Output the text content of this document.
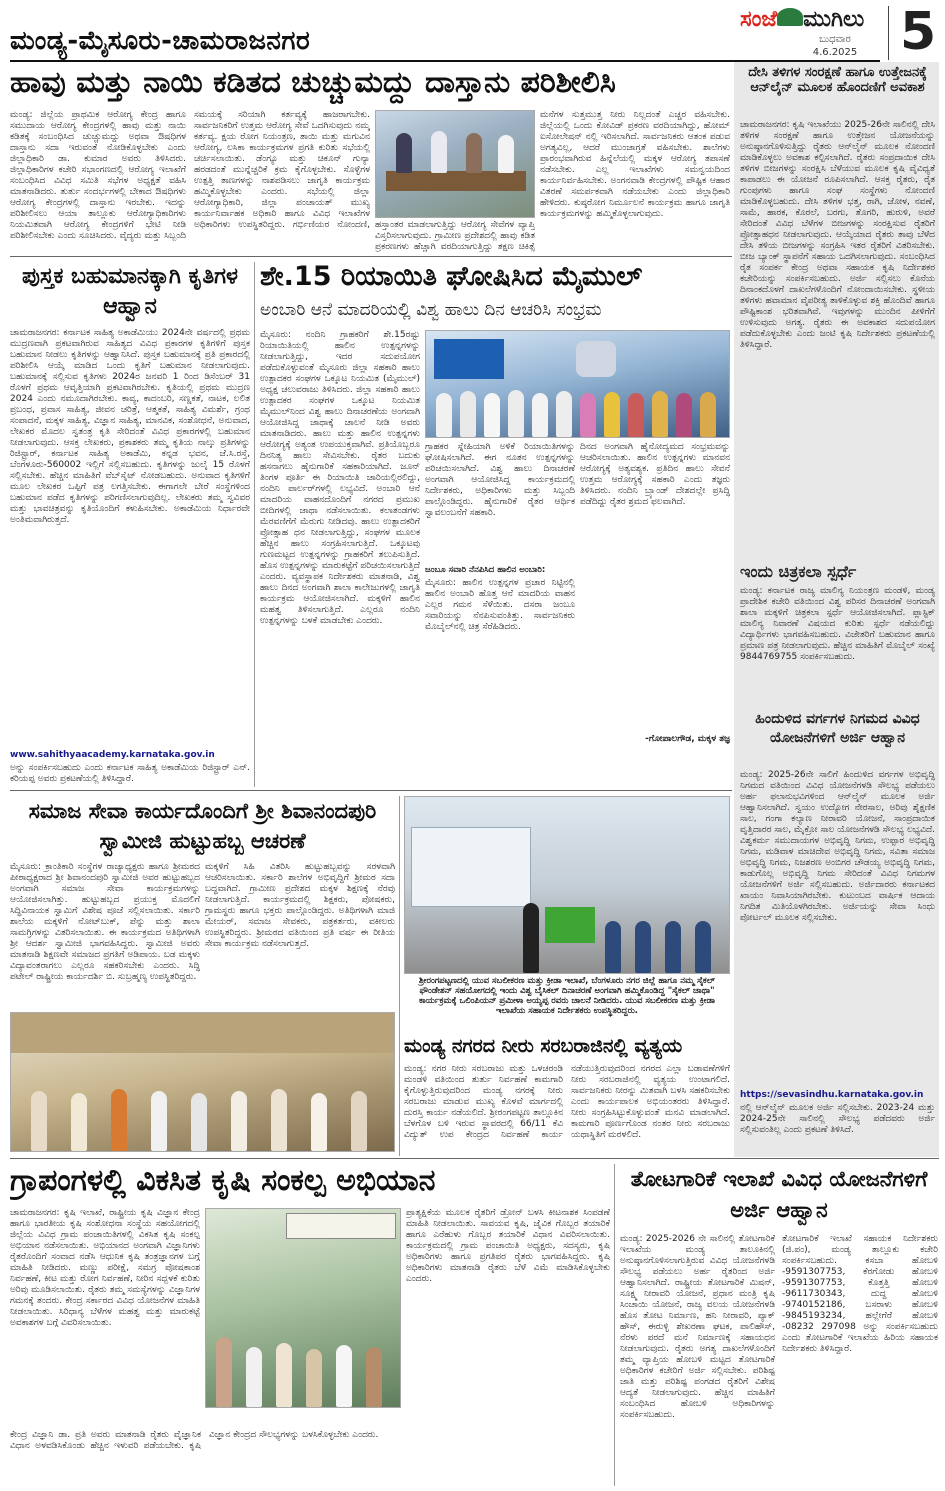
ಮಂಡ್ಯ-ಮೈಸೂರು-ಚಾಮರಾಜನಗರ
ಸಂಜೆ ಮುಗಿಲು
ಬುಧವಾರ
4.6.2025 5
ಹಾವು ಮತ್ತು ನಾಯಿ ಕಡಿತದ ಚುಚ್ಚುಮದ್ದು ದಾಸ್ತಾನು ಪರಿಶೀಲಿಸಿ
ಮಂಡ್ಯ: ಜಿಲ್ಲೆಯ ಪ್ರಾಥಮಿಕ ಆರೋಗ್ಯ ಕೇಂದ್ರ ಹಾಗೂ ಸಮುದಾಯ ಆರೋಗ್ಯ ಕೇಂದ್ರಗಳಲ್ಲಿ ಹಾವು ಮತ್ತು ನಾಯಿ ಕಡಿತಕ್ಕೆ ಸಂಬಂಧಿಸಿದ ಚುಚ್ಚುಮದ್ದು ಅಥವಾ ಔಷಧಿಗಳ ದಾಸ್ತಾನು ಸದಾ ಇರುವಂತೆ ನೋಡಿಕೊಳ್ಳಬೇಕು ಎಂದು ಜಿಲ್ಲಾಧಿಕಾರಿ ಡಾ. ಕುಮಾರ ಅವರು ತಿಳಿಸಿದರು. ಜಿಲ್ಲಾಧಿಕಾರಿಗಳ ಕಚೇರಿ ಸಭಾಂಗಣದಲ್ಲಿ ಆರೋಗ್ಯ ಇಲಾಖೆಗೆ ಸಂಬಂಧಿಸಿದ ವಿವಿಧ ಸಮಿತಿ ಸಭೆಗಳ ಅಧ್ಯಕ್ಷತೆ ವಹಿಸಿ ಮಾತನಾಡಿದರು. ತುರ್ತು ಸಂದರ್ಭಗಳಲ್ಲಿ ಬೇಕಾದ ಔಷಧಿಗಳು ಆರೋಗ್ಯ ಕೇಂದ್ರಗಳಲ್ಲಿ ದಾಸ್ತಾನು ಇರಬೇಕು. ಇದನ್ನು ಪರಿಶೀಲಿಸಲು ಆಯಾ ತಾಲ್ಲೂಕು ಆರೋಗ್ಯಾಧಿಕಾರಿಗಳು ನಿಯಮಿತವಾಗಿ ಆರೋಗ್ಯ ಕೇಂದ್ರಗಳಿಗೆ ಭೇಟಿ ನೀಡಿ ಪರಿಶೀಲಿಸಬೇಕು ಎಂದು ಸೂಚಿಸಿದರು. ವೈದ್ಯರು ಮತ್ತು ಸಿಬ್ಬಂದಿ ಸಮಯಕ್ಕೆ ಸರಿಯಾಗಿ ಕರ್ತವ್ಯಕ್ಕೆ ಹಾಜರಾಗಬೇಕು. ಸಾರ್ವಜನಿಕರಿಗೆ ಉತ್ತಮ ಆರೋಗ್ಯ ಸೇವೆ ಒದಗಿಸುವುದು ನಮ್ಮ ಕರ್ತವ್ಯ. ಕ್ಷಯ ರೋಗ ನಿಯಂತ್ರಣ, ತಾಯಿ ಮತ್ತು ಮಗುವಿನ ಆರೋಗ್ಯ, ಲಸಿಕಾ ಕಾರ್ಯಕ್ರಮಗಳ ಪ್ರಗತಿ ಕುರಿತು ಸಭೆಯಲ್ಲಿ ಚರ್ಚಿಸಲಾಯಿತು. ಡೆಂಗ್ಯೂ ಮತ್ತು ಚಿಕೂನ್ ಗುನ್ಯಾ ಹರಡದಂತೆ ಮುನ್ನೆಚ್ಚರಿಕೆ ಕ್ರಮ ಕೈಗೊಳ್ಳಬೇಕು. ಸೊಳ್ಳೆಗಳ ಉತ್ಪತ್ತಿ ತಾಣಗಳನ್ನು ನಾಶಪಡಿಸಲು ಜಾಗೃತಿ ಕಾರ್ಯಕ್ರಮ ಹಮ್ಮಿಕೊಳ್ಳಬೇಕು ಎಂದರು. ಸಭೆಯಲ್ಲಿ ಜಿಲ್ಲಾ ಆರೋಗ್ಯಾಧಿಕಾರಿ, ಜಿಲ್ಲಾ ಪಂಚಾಯತ್ ಮುಖ್ಯ ಕಾರ್ಯನಿರ್ವಾಹಕ ಅಧಿಕಾರಿ ಹಾಗೂ ವಿವಿಧ ಇಲಾಖೆಗಳ ಅಧಿಕಾರಿಗಳು ಉಪಸ್ಥಿತರಿದ್ದರು. ಗರ್ಭಿಣಿಯರ ನೋಂದಣಿ, ಹಸ್ತಾಂತರ ಮಾಡಲಾಗುತ್ತಿದ್ದು ಆರೋಗ್ಯ ಸೇವೆಗಳ ವ್ಯಾಪ್ತಿ ವಿಸ್ತರಿಸಲಾಗುವುದು. ಗ್ರಾಮೀಣ ಪ್ರದೇಶದಲ್ಲಿ ಹಾವು ಕಡಿತ ಪ್ರಕರಣಗಳು ಹೆಚ್ಚಾಗಿ ವರದಿಯಾಗುತ್ತಿದ್ದು ತಕ್ಷಣ ಚಿಕಿತ್ಸೆ
ಮನೆಗಳ ಸುತ್ತಮುತ್ತ ನೀರು ನಿಲ್ಲದಂತೆ ಎಚ್ಚರ ವಹಿಸಬೇಕು. ಜಿಲ್ಲೆಯಲ್ಲಿ ಒಂದು ಕೋವಿಡ್ ಪ್ರಕರಣ ವರದಿಯಾಗಿದ್ದು, ಹೋಮ್ ಐಸೋಲೇಷನ್ ನಲ್ಲಿ ಇರಿಸಲಾಗಿದೆ. ಸಾರ್ವಜನಿಕರು ಆತಂಕ ಪಡುವ ಅಗತ್ಯವಿಲ್ಲ, ಆದರೆ ಮುಂಜಾಗ್ರತೆ ವಹಿಸಬೇಕು. ಶಾಲೆಗಳು ಪ್ರಾರಂಭವಾಗಿರುವ ಹಿನ್ನೆಲೆಯಲ್ಲಿ ಮಕ್ಕಳ ಆರೋಗ್ಯ ತಪಾಸಣೆ ನಡೆಸಬೇಕು. ಎಲ್ಲ ಇಲಾಖೆಗಳು ಸಮನ್ವಯದಿಂದ ಕಾರ್ಯನಿರ್ವಹಿಸಬೇಕು. ಅಂಗನವಾಡಿ ಕೇಂದ್ರಗಳಲ್ಲಿ ಪೌಷ್ಟಿಕ ಆಹಾರ ವಿತರಣೆ ಸಮರ್ಪಕವಾಗಿ ನಡೆಯಬೇಕು ಎಂದು ಜಿಲ್ಲಾಧಿಕಾರಿ ಹೇಳಿದರು. ಕುಷ್ಠರೋಗ ನಿರ್ಮೂಲನೆ ಕಾರ್ಯಕ್ರಮ ಹಾಗೂ ಜಾಗೃತಿ ಕಾರ್ಯಕ್ರಮಗಳನ್ನು ಹಮ್ಮಿಕೊಳ್ಳಲಾಗುವುದು.
ದೇಸಿ ತಳಿಗಳ ಸಂರಕ್ಷಣೆ ಹಾಗೂ ಉತ್ತೇಜನಕ್ಕೆ ಆನ್‌ಲೈನ್ ಮೂಲಕ ಹೊಂದಣಿಗೆ ಅವಕಾಶ
ಚಾಮರಾಜನಗರ: ಕೃಷಿ ಇಲಾಖೆಯು 2025-26ನೇ ಸಾಲಿನಲ್ಲಿ ದೇಸಿ ತಳಿಗಳ ಸಂರಕ್ಷಣೆ ಹಾಗೂ ಉತ್ತೇಜನ ಯೋಜನೆಯನ್ನು ಅನುಷ್ಠಾನಗೊಳಿಸುತ್ತಿದ್ದು ರೈತರು ಆನ್‌ಲೈನ್ ಮೂಲಕ ನೋಂದಣಿ ಮಾಡಿಕೊಳ್ಳಲು ಅವಕಾಶ ಕಲ್ಪಿಸಲಾಗಿದೆ. ರೈತರು ಸಂಪ್ರದಾಯಿಕ ದೇಸಿ ತಳಿಗಳ ಬೀಜಗಳನ್ನು ಸಂರಕ್ಷಿಸಿ ಬೆಳೆಯುವ ಮೂಲಕ ಕೃಷಿ ವೈವಿಧ್ಯತೆ ಕಾಪಾಡಲು ಈ ಯೋಜನೆ ರೂಪಿಸಲಾಗಿದೆ. ಆಸಕ್ತ ರೈತರು, ರೈತ ಗುಂಪುಗಳು ಹಾಗೂ ಸಂಘ ಸಂಸ್ಥೆಗಳು ನೋಂದಣಿ ಮಾಡಿಕೊಳ್ಳಬಹುದು. ದೇಸಿ ತಳಿಗಳ ಭತ್ತ, ರಾಗಿ, ಜೋಳ, ನವಣೆ, ಸಾಮೆ, ಹಾರಕ, ಕೊರಲೆ, ಬರಗು, ತೊಗರಿ, ಹುರುಳಿ, ಅವರೆ ಸೇರಿದಂತೆ ವಿವಿಧ ಬೆಳೆಗಳ ಬೀಜಗಳನ್ನು ಸಂರಕ್ಷಿಸುವ ರೈತರಿಗೆ ಪ್ರೋತ್ಸಾಹಧನ ನೀಡಲಾಗುವುದು. ಆಯ್ಕೆಯಾದ ರೈತರು ತಾವು ಬೆಳೆದ ದೇಸಿ ತಳಿಯ ಬೀಜಗಳನ್ನು ಸಂಗ್ರಹಿಸಿ ಇತರ ರೈತರಿಗೆ ವಿತರಿಸಬೇಕು. ಬೀಜ ಬ್ಯಾಂಕ್ ಸ್ಥಾಪನೆಗೆ ಸಹಾಯ ಒದಗಿಸಲಾಗುವುದು. ಸಂಬಂಧಿಸಿದ ರೈತ ಸಂಪರ್ಕ ಕೇಂದ್ರ ಅಥವಾ ಸಹಾಯಕ ಕೃಷಿ ನಿರ್ದೇಶಕರ ಕಚೇರಿಯನ್ನು ಸಂಪರ್ಕಿಸಬಹುದು. ಅರ್ಜಿ ಸಲ್ಲಿಸಲು ಕೊನೆಯ ದಿನಾಂಕದೊಳಗೆ ದಾಖಲೆಗಳೊಂದಿಗೆ ನೋಂದಾಯಿಸಬೇಕು. ಸ್ಥಳೀಯ ತಳಿಗಳು ಹವಾಮಾನ ವೈಪರೀತ್ಯ ತಾಳಿಕೊಳ್ಳುವ ಶಕ್ತಿ ಹೊಂದಿವೆ ಹಾಗೂ ಪೌಷ್ಟಿಕಾಂಶ ಭರಿತವಾಗಿವೆ. ಇವುಗಳನ್ನು ಮುಂದಿನ ಪೀಳಿಗೆಗೆ ಉಳಿಸುವುದು ಅಗತ್ಯ. ರೈತರು ಈ ಅವಕಾಶದ ಸದುಪಯೋಗ ಪಡೆದುಕೊಳ್ಳಬೇಕು ಎಂದು ಜಂಟಿ ಕೃಷಿ ನಿರ್ದೇಶಕರು ಪ್ರಕಟಣೆಯಲ್ಲಿ ತಿಳಿಸಿದ್ದಾರೆ.
ಇಂದು ಚಿತ್ರಕಲಾ ಸ್ಪರ್ಧೆ
ಮಂಡ್ಯ: ಕರ್ನಾಟಕ ರಾಜ್ಯ ಮಾಲಿನ್ಯ ನಿಯಂತ್ರಣ ಮಂಡಳಿ, ಮಂಡ್ಯ ಪ್ರಾದೇಶಿಕ ಕಚೇರಿ ವತಿಯಿಂದ ವಿಶ್ವ ಪರಿಸರ ದಿನಾಚರಣೆ ಅಂಗವಾಗಿ ಶಾಲಾ ಮಕ್ಕಳಿಗೆ ಚಿತ್ರಕಲಾ ಸ್ಪರ್ಧೆ ಆಯೋಜಿಸಲಾಗಿದೆ. ಪ್ಲಾಸ್ಟಿಕ್ ಮಾಲಿನ್ಯ ನಿವಾರಣೆ ವಿಷಯದ ಕುರಿತು ಸ್ಪರ್ಧೆ ನಡೆಯಲಿದ್ದು ವಿದ್ಯಾರ್ಥಿಗಳು ಭಾಗವಹಿಸಬಹುದು. ವಿಜೇತರಿಗೆ ಬಹುಮಾನ ಹಾಗೂ ಪ್ರಮಾಣ ಪತ್ರ ನೀಡಲಾಗುವುದು. ಹೆಚ್ಚಿನ ಮಾಹಿತಿಗೆ ಮೊಬೈಲ್ ಸಂಖ್ಯೆ 9844769755 ಸಂಪರ್ಕಿಸಬಹುದು.
ಹಿಂದುಳಿದ ವರ್ಗಗಳ ನಿಗಮದ ವಿವಿಧ ಯೋಜನೆಗಳಿಗೆ ಅರ್ಜಿ ಆಹ್ವಾನ
ಮಂಡ್ಯ: 2025-26ನೇ ಸಾಲಿಗೆ ಹಿಂದುಳಿದ ವರ್ಗಗಳ ಅಭಿವೃದ್ಧಿ ನಿಗಮದ ವತಿಯಿಂದ ವಿವಿಧ ಯೋಜನೆಗಳಡಿ ಸೌಲಭ್ಯ ಪಡೆಯಲು ಅರ್ಹ ಫಲಾನುಭವಿಗಳಿಂದ ಆನ್‌ಲೈನ್ ಮೂಲಕ ಅರ್ಜಿ ಆಹ್ವಾನಿಸಲಾಗಿದೆ. ಸ್ವಯಂ ಉದ್ಯೋಗ ನೇರಸಾಲ, ಅರಿವು ಶೈಕ್ಷಣಿಕ ಸಾಲ, ಗಂಗಾ ಕಲ್ಯಾಣ ನೀರಾವರಿ ಯೋಜನೆ, ಸಾಂಪ್ರದಾಯಿಕ ವೃತ್ತಿದಾರರ ಸಾಲ, ಮೈಕ್ರೋ ಸಾಲ ಯೋಜನೆಗಳಡಿ ಸೌಲಭ್ಯ ಲಭ್ಯವಿದೆ. ವಿಶ್ವಕರ್ಮ ಸಮುದಾಯಗಳ ಅಭಿವೃದ್ಧಿ ನಿಗಮ, ಉಪ್ಪಾರ ಅಭಿವೃದ್ಧಿ ನಿಗಮ, ಮಡಿವಾಳ ಮಾಚಿದೇವ ಅಭಿವೃದ್ಧಿ ನಿಗಮ, ಸವಿತಾ ಸಮಾಜ ಅಭಿವೃದ್ಧಿ ನಿಗಮ, ನಿಜಶರಣ ಅಂಬಿಗರ ಚೌಡಯ್ಯ ಅಭಿವೃದ್ಧಿ ನಿಗಮ, ಕಾಡುಗೊಲ್ಲ ಅಭಿವೃದ್ಧಿ ನಿಗಮ ಸೇರಿದಂತೆ ವಿವಿಧ ನಿಗಮಗಳ ಯೋಜನೆಗಳಿಗೆ ಅರ್ಜಿ ಸಲ್ಲಿಸಬಹುದು. ಅರ್ಜಿದಾರರು ಕರ್ನಾಟಕದ ಖಾಯಂ ನಿವಾಸಿಯಾಗಿರಬೇಕು. ಕುಟುಂಬದ ವಾರ್ಷಿಕ ಆದಾಯ ನಿಗದಿತ ಮಿತಿಯೊಳಗಿರಬೇಕು. ಅರ್ಜಿಯನ್ನು ಸೇವಾ ಸಿಂಧು ಪೋರ್ಟಲ್ ಮೂಲಕ ಸಲ್ಲಿಸಬೇಕು.
https://sevasindhu.karnataka.gov.in
ನಲ್ಲಿ ಆನ್‌ಲೈನ್ ಮೂಲಕ ಅರ್ಜಿ ಸಲ್ಲಿಸಬೇಕು. 2023-24 ಮತ್ತು 2024-25ನೇ ಸಾಲಿನಲ್ಲಿ ಸೌಲಭ್ಯ ಪಡೆದವರು ಅರ್ಜಿ ಸಲ್ಲಿಸುವಂತಿಲ್ಲ ಎಂದು ಪ್ರಕಟಣೆ ತಿಳಿಸಿದೆ.
ಪುಸ್ತಕ ಬಹುಮಾನಕ್ಕಾಗಿ ಕೃತಿಗಳ ಆಹ್ವಾನ
ಚಾಮರಾಜನಗರ: ಕರ್ನಾಟಕ ಸಾಹಿತ್ಯ ಅಕಾಡೆಮಿಯು 2024ನೇ ವರ್ಷದಲ್ಲಿ ಪ್ರಥಮ ಮುದ್ರಣವಾಗಿ ಪ್ರಕಟವಾಗಿರುವ ಸಾಹಿತ್ಯದ ವಿವಿಧ ಪ್ರಕಾರಗಳ ಕೃತಿಗಳಿಗೆ ಪುಸ್ತಕ ಬಹುಮಾನ ನೀಡಲು ಕೃತಿಗಳನ್ನು ಆಹ್ವಾನಿಸಿದೆ. ಪುಸ್ತಕ ಬಹುಮಾನಕ್ಕೆ ಪ್ರತಿ ಪ್ರಕಾರದಲ್ಲಿ ಪರಿಶೀಲಿಸಿ ಆಯ್ಕೆ ಮಾಡಿದ ಒಂದು ಕೃತಿಗೆ ಬಹುಮಾನ ನೀಡಲಾಗುವುದು. ಬಹುಮಾನಕ್ಕೆ ಸಲ್ಲಿಸುವ ಕೃತಿಗಳು 2024ರ ಜನವರಿ 1 ರಿಂದ ಡಿಸೆಂಬರ್ 31 ರೊಳಗೆ ಪ್ರಥಮ ಆವೃತ್ತಿಯಾಗಿ ಪ್ರಕಟವಾಗಿರಬೇಕು. ಕೃತಿಯಲ್ಲಿ ಪ್ರಥಮ ಮುದ್ರಣ 2024 ಎಂದು ನಮೂದಾಗಿರಬೇಕು. ಕಾವ್ಯ, ಕಾದಂಬರಿ, ಸಣ್ಣಕತೆ, ನಾಟಕ, ಲಲಿತ ಪ್ರಬಂಧ, ಪ್ರವಾಸ ಸಾಹಿತ್ಯ, ಜೀವನ ಚರಿತ್ರೆ, ಆತ್ಮಕತೆ, ಸಾಹಿತ್ಯ ವಿಮರ್ಶೆ, ಗ್ರಂಥ ಸಂಪಾದನೆ, ಮಕ್ಕಳ ಸಾಹಿತ್ಯ, ವಿಜ್ಞಾನ ಸಾಹಿತ್ಯ, ಮಾನವಿಕ, ಸಂಶೋಧನೆ, ಅನುವಾದ, ಲೇಖಕರ ಮೊದಲ ಸ್ವತಂತ್ರ ಕೃತಿ ಸೇರಿದಂತೆ ವಿವಿಧ ಪ್ರಕಾರಗಳಲ್ಲಿ ಬಹುಮಾನ ನೀಡಲಾಗುವುದು. ಆಸಕ್ತ ಲೇಖಕರು, ಪ್ರಕಾಶಕರು ತಮ್ಮ ಕೃತಿಯ ನಾಲ್ಕು ಪ್ರತಿಗಳನ್ನು ರಿಜಿಸ್ಟ್ರಾರ್, ಕರ್ನಾಟಕ ಸಾಹಿತ್ಯ ಅಕಾಡೆಮಿ, ಕನ್ನಡ ಭವನ, ಜೆ.ಸಿ.ರಸ್ತೆ, ಬೆಂಗಳೂರು-560002 ಇಲ್ಲಿಗೆ ಸಲ್ಲಿಸಬಹುದು. ಕೃತಿಗಳನ್ನು ಜುಲೈ 15 ರೊಳಗೆ ಸಲ್ಲಿಸಬೇಕು. ಹೆಚ್ಚಿನ ಮಾಹಿತಿಗೆ ವೆಬ್‌ಸೈಟ್ ನೋಡಬಹುದು. ಅನುವಾದ ಕೃತಿಗಳಿಗೆ ಮೂಲ ಲೇಖಕರ ಒಪ್ಪಿಗೆ ಪತ್ರ ಲಗತ್ತಿಸಬೇಕು. ಈಗಾಗಲೇ ಬೇರೆ ಸಂಸ್ಥೆಗಳಿಂದ ಬಹುಮಾನ ಪಡೆದ ಕೃತಿಗಳನ್ನು ಪರಿಗಣಿಸಲಾಗುವುದಿಲ್ಲ. ಲೇಖಕರು ತಮ್ಮ ಸ್ವವಿವರ ಮತ್ತು ಭಾವಚಿತ್ರವನ್ನು ಕೃತಿಯೊಂದಿಗೆ ಕಳುಹಿಸಬೇಕು. ಅಕಾಡೆಮಿಯ ನಿರ್ಧಾರವೇ ಅಂತಿಮವಾಗಿರುತ್ತದೆ.
www.sahithyaacademy.karnataka.gov.in
ಅನ್ನು ಸಂಪರ್ಕಿಸಬಹುದು ಎಂದು ಕರ್ನಾಟಕ ಸಾಹಿತ್ಯ ಅಕಾಡೆಮಿಯ ರಿಜಿಸ್ಟ್ರಾರ್ ಎನ್. ಕರಿಯಪ್ಪ ಅವರು ಪ್ರಕಟಣೆಯಲ್ಲಿ ತಿಳಿಸಿದ್ದಾರೆ.
ಶೇ.15 ರಿಯಾಯಿತಿ ಘೋಷಿಸಿದ ಮೈಮುಲ್
ಅಂಬಾರಿ ಆನೆ ಮಾದರಿಯಲ್ಲಿ ವಿಶ್ವ ಹಾಲು ದಿನ ಆಚರಿಸಿ ಸಂಭ್ರಮ
ಮೈಸೂರು: ನಂದಿನಿ ಗ್ರಾಹಕರಿಗೆ ಶೇ.15ರಷ್ಟು ರಿಯಾಯಿತಿಯಲ್ಲಿ ಹಾಲಿನ ಉತ್ಪನ್ನಗಳನ್ನು ನೀಡಲಾಗುತ್ತಿದ್ದು, ಇದರ ಸದುಪಯೋಗ ಪಡೆದುಕೊಳ್ಳುವಂತೆ ಮೈಸೂರು ಜಿಲ್ಲಾ ಸಹಕಾರಿ ಹಾಲು ಉತ್ಪಾದಕರ ಸಂಘಗಳ ಒಕ್ಕೂಟ ನಿಯಮಿತ (ಮೈಮುಲ್) ಅಧ್ಯಕ್ಷ ಚಲುವರಾಜು ತಿಳಿಸಿದರು. ಜಿಲ್ಲಾ ಸಹಕಾರಿ ಹಾಲು ಉತ್ಪಾದಕರ ಸಂಘಗಳ ಒಕ್ಕೂಟ ನಿಯಮಿತ ಮೈಮುಲ್‌ನಿಂದ ವಿಶ್ವ ಹಾಲು ದಿನಾಚರಣೆಯ ಅಂಗವಾಗಿ ಆಯೋಜಿಸಿದ್ದ ಜಾಥಾಕ್ಕೆ ಚಾಲನೆ ನೀಡಿ ಅವರು ಮಾತನಾಡಿದರು. ಹಾಲು ಮತ್ತು ಹಾಲಿನ ಉತ್ಪನ್ನಗಳು ಆರೋಗ್ಯಕ್ಕೆ ಅತ್ಯಂತ ಉಪಯುಕ್ತವಾಗಿವೆ. ಪ್ರತಿಯೊಬ್ಬರೂ ದಿನನಿತ್ಯ ಹಾಲು ಸೇವಿಸಬೇಕು. ರೈತರ ಬದುಕು ಹಸನಾಗಲು ಹೈನುಗಾರಿಕೆ ಸಹಕಾರಿಯಾಗಿದೆ. ಜೂನ್ ತಿಂಗಳ ಪೂರ್ತಿ ಈ ರಿಯಾಯಿತಿ ಜಾರಿಯಲ್ಲಿರಲಿದ್ದು, ನಂದಿನಿ ಪಾರ್ಲರ್‌ಗಳಲ್ಲಿ ಲಭ್ಯವಿದೆ. ಅಂಬಾರಿ ಆನೆ ಮಾದರಿಯ ವಾಹನದೊಂದಿಗೆ ನಗರದ ಪ್ರಮುಖ ಬೀದಿಗಳಲ್ಲಿ ಜಾಥಾ ನಡೆಸಲಾಯಿತು. ಕಲಾತಂಡಗಳು ಮೆರವಣಿಗೆಗೆ ಮೆರುಗು ನೀಡಿದವು. ಹಾಲು ಉತ್ಪಾದಕರಿಗೆ ಪ್ರೋತ್ಸಾಹ ಧನ ನೀಡಲಾಗುತ್ತಿದ್ದು, ಸಂಘಗಳ ಮೂಲಕ ಹೆಚ್ಚಿನ ಹಾಲು ಸಂಗ್ರಹಿಸಲಾಗುತ್ತಿದೆ. ಒಕ್ಕೂಟವು ಗುಣಮಟ್ಟದ ಉತ್ಪನ್ನಗಳನ್ನು ಗ್ರಾಹಕರಿಗೆ ತಲುಪಿಸುತ್ತಿದೆ. ಹೊಸ ಉತ್ಪನ್ನಗಳನ್ನು ಮಾರುಕಟ್ಟೆಗೆ ಪರಿಚಯಿಸಲಾಗುತ್ತಿದೆ ಎಂದರು. ವ್ಯವಸ್ಥಾಪಕ ನಿರ್ದೇಶಕರು ಮಾತನಾಡಿ, ವಿಶ್ವ ಹಾಲು ದಿನದ ಅಂಗವಾಗಿ ಶಾಲಾ ಕಾಲೇಜುಗಳಲ್ಲಿ ಜಾಗೃತಿ ಕಾರ್ಯಕ್ರಮ ಆಯೋಜಿಸಲಾಗಿದೆ. ಮಕ್ಕಳಿಗೆ ಹಾಲಿನ ಮಹತ್ವ ತಿಳಿಸಲಾಗುತ್ತಿದೆ. ಎಲ್ಲರೂ ನಂದಿನಿ ಉತ್ಪನ್ನಗಳನ್ನು ಬಳಕೆ ಮಾಡಬೇಕು ಎಂದರು.
ಗ್ರಾಹಕರ ಸ್ನೇಹಿಯಾಗಿ ಅಳಿಕೆ ರಿಯಾಯಿತಿಗಳನ್ನು ಘೋಷಿಸಲಾಗಿದೆ. ಈಗ ನೂತನ ಉತ್ಪನ್ನಗಳನ್ನು ಪರಿಚಯಿಸಲಾಗಿದೆ. ವಿಶ್ವ ಹಾಲು ದಿನಾಚರಣೆ ಅಂಗವಾಗಿ ಆಯೋಜಿಸಿದ್ದ ಕಾರ್ಯಕ್ರಮದಲ್ಲಿ ನಿರ್ದೇಶಕರು, ಅಧಿಕಾರಿಗಳು ಮತ್ತು ಸಿಬ್ಬಂದಿ ಪಾಲ್ಗೊಂಡಿದ್ದರು. ಹೈನುಗಾರಿಕೆ ರೈತರ ಆರ್ಥಿಕ ಸ್ವಾವಲಂಬನೆಗೆ ಸಹಕಾರಿ.
ಜಂಬೂ ಸವಾರಿ ನೆನಪಿಸಿದ ಹಾಲಿನ ಅಂಬಾರಿ:
ಮೈಸೂರು: ಹಾಲಿನ ಉತ್ಪನ್ನಗಳ ಪ್ರಚಾರ ನಿಟ್ಟಿನಲ್ಲಿ ಹಾಲಿನ ಅಂಬಾರಿ ಹೊತ್ತ ಆನೆ ಮಾದರಿಯ ವಾಹನ ಎಲ್ಲರ ಗಮನ ಸೆಳೆಯಿತು. ದಸರಾ ಜಂಬೂ ಸವಾರಿಯನ್ನು ನೆನಪಿಸುವಂತಿತ್ತು. ಸಾರ್ವಜನಿಕರು ಮೊಬೈಲ್‌ನಲ್ಲಿ ಚಿತ್ರ ಸೆರೆಹಿಡಿದರು.
ದಿನದ ಅಂಗವಾಗಿ ಹೈನೋದ್ಯಮದ ಸಂಭ್ರಮವನ್ನು ಆಚರಿಸಲಾಯಿತು. ಹಾಲಿನ ಉತ್ಪನ್ನಗಳು ಮಾನವನ ಆರೋಗ್ಯಕ್ಕೆ ಅತ್ಯವಶ್ಯಕ. ಪ್ರತಿದಿನ ಹಾಲು ಸೇವನೆ ಉತ್ತಮ ಆರೋಗ್ಯಕ್ಕೆ ಸಹಕಾರಿ ಎಂದು ತಜ್ಞರು ತಿಳಿಸಿದರು. ನಂದಿನಿ ಬ್ರ್ಯಾಂಡ್ ದೇಶದಲ್ಲೇ ಪ್ರಸಿದ್ಧಿ ಪಡೆದಿದ್ದು ರೈತರ ಶ್ರಮದ ಫಲವಾಗಿದೆ.
-ಗೋಪಾಲಗೌಡ, ಮಕ್ಕಳ ತಜ್ಞ
ಸಮಾಜ ಸೇವಾ ಕಾರ್ಯದೊಂದಿಗೆ ಶ್ರೀ ಶಿವಾನಂದಪುರಿ ಸ್ವಾಮೀಜಿ ಹುಟ್ಟುಹಬ್ಬ ಆಚರಣೆ
ಮೈಸೂರು: ಕ್ರಾಂತಿಕಾರಿ ಸಂಸ್ಥೆಗಳ ರಾಜ್ಯಾಧ್ಯಕ್ಷರು ಹಾಗೂ ಶ್ರೀಮಠದ ಪೀಠಾಧ್ಯಕ್ಷರಾದ ಶ್ರೀ ಶಿವಾನಂದಪುರಿ ಸ್ವಾಮೀಜಿ ಅವರ ಹುಟ್ಟುಹಬ್ಬದ ಅಂಗವಾಗಿ ಸಮಾಜ ಸೇವಾ ಕಾರ್ಯಕ್ರಮಗಳನ್ನು ಆಯೋಜಿಸಲಾಗಿತ್ತು. ಹುಟ್ಟುಹಬ್ಬದ ಪ್ರಯುಕ್ತ ಮೊದಲಿಗೆ ಸಿದ್ಧಿವಿನಾಯಕ ಸ್ವಾಮಿಗೆ ವಿಶೇಷ ಪೂಜೆ ಸಲ್ಲಿಸಲಾಯಿತು. ಸರ್ಕಾರಿ ಶಾಲೆಯ ಮಕ್ಕಳಿಗೆ ನೋಟ್‌ಬುಕ್, ಪೆನ್ನು ಮತ್ತು ಶಾಲಾ ಸಾಮಗ್ರಿಗಳನ್ನು ವಿತರಿಸಲಾಯಿತು. ಈ ಕಾರ್ಯಕ್ರಮದ ಅತಿಥಿಗಳಾಗಿ ಶ್ರೀ ಆದರ್ಶ ಸ್ವಾಮೀಜಿ ಭಾಗವಹಿಸಿದ್ದರು. ಸ್ವಾಮೀಜಿ ಅವರು ಮಾತನಾಡಿ ಶಿಕ್ಷಣವೇ ಸಮಾಜದ ಪ್ರಗತಿಗೆ ಅಡಿಪಾಯ. ಬಡ ಮಕ್ಕಳು ವಿದ್ಯಾವಂತರಾಗಲು ಎಲ್ಲರೂ ಸಹಕರಿಸಬೇಕು ಎಂದರು. ಸಿದ್ಧಿ ಪಟೇಲ್ ರಾಷ್ಟ್ರೀಯ ಕಾರ್ಯದರ್ಶಿ ಬಿ. ಸುಬ್ರಹ್ಮಣ್ಯ ಉಪಸ್ಥಿತರಿದ್ದರು.
ಮಕ್ಕಳಿಗೆ ಸಿಹಿ ವಿತರಿಸಿ ಹುಟ್ಟುಹಬ್ಬವನ್ನು ಸರಳವಾಗಿ ಆಚರಿಸಲಾಯಿತು. ಸರ್ಕಾರಿ ಶಾಲೆಗಳ ಅಭಿವೃದ್ಧಿಗೆ ಶ್ರೀಮಠ ಸದಾ ಬದ್ಧವಾಗಿದೆ. ಗ್ರಾಮೀಣ ಪ್ರದೇಶದ ಮಕ್ಕಳ ಶಿಕ್ಷಣಕ್ಕೆ ನೆರವು ನೀಡಲಾಗುತ್ತಿದೆ. ಕಾರ್ಯಕ್ರಮದಲ್ಲಿ ಶಿಕ್ಷಕರು, ಪೋಷಕರು, ಗ್ರಾಮಸ್ಥರು ಹಾಗೂ ಭಕ್ತರು ಪಾಲ್ಗೊಂಡಿದ್ದರು. ಅತಿಥಿಗಳಾಗಿ ಮಾಜಿ ಮೇಯರ್, ಸಮಾಜ ಸೇವಕರು, ಪತ್ರಕರ್ತರು, ವಕೀಲರು ಉಪಸ್ಥಿತರಿದ್ದರು. ಶ್ರೀಮಠದ ವತಿಯಿಂದ ಪ್ರತಿ ವರ್ಷ ಈ ರೀತಿಯ ಸೇವಾ ಕಾರ್ಯಕ್ರಮ ನಡೆಸಲಾಗುತ್ತದೆ.
ಶ್ರೀರಂಗಪಟ್ಟಣದಲ್ಲಿ ಯುವ ಸಬಲೀಕರಣ ಮತ್ತು ಕ್ರೀಡಾ ಇಲಾಖೆ, ಬೆಂಗಳೂರು ನಗರ ಜಿಲ್ಲೆ ಹಾಗೂ ನಮ್ಮ ಸೈಕಲ್ ಫೌಂಡೇಶನ್ ಸಹಯೋಗದಲ್ಲಿ ಇಂದು ವಿಶ್ವ ಬೈಸಿಕಲ್ ದಿನಾಚರಣೆ ಅಂಗವಾಗಿ ಹಮ್ಮಿಕೊಂಡಿದ್ದ "ಸೈಕಲ್ ಜಾಥಾ" ಕಾರ್ಯಕ್ರಮಕ್ಕೆ ಒಲಿಂಪಿಯನ್ ಪ್ರಮೀಳಾ ಅಯ್ಯಪ್ಪ ರವರು ಚಾಲನೆ ನೀಡಿದರು. ಯುವ ಸಬಲೀಕರಣ ಮತ್ತು ಕ್ರೀಡಾ ಇಲಾಖೆಯ ಸಹಾಯಕ ನಿರ್ದೇಶಕರು ಉಪಸ್ಥಿತರಿದ್ದರು.
ಮಂಡ್ಯ ನಗರದ ನೀರು ಸರಬರಾಜಿನಲ್ಲಿ ವ್ಯತ್ಯಯ
ಮಂಡ್ಯ: ನಗರ ನೀರು ಸರಬರಾಜು ಮತ್ತು ಒಳಚರಂಡಿ ಮಂಡಳಿ ವತಿಯಿಂದ ತುರ್ತು ನಿರ್ವಹಣೆ ಕಾಮಗಾರಿ ಕೈಗೊಳ್ಳುತ್ತಿರುವುದರಿಂದ ಮಂಡ್ಯ ನಗರಕ್ಕೆ ನೀರು ಸರಬರಾಜು ಮಾಡುವ ಮುಖ್ಯ ಕೊಳವೆ ಮಾರ್ಗದಲ್ಲಿ ದುರಸ್ತಿ ಕಾರ್ಯ ನಡೆಯಲಿದೆ. ಶ್ರೀರಂಗಪಟ್ಟಣ ತಾಲ್ಲೂಕಿನ ಬೆಳಗೊಳ ಬಳಿ ಇರುವ ಸ್ಥಾವರದಲ್ಲಿ 66/11 ಕೆವಿ ವಿದ್ಯುತ್ ಉಪ ಕೇಂದ್ರದ ನಿರ್ವಹಣೆ ಕಾರ್ಯ ನಡೆಯುತ್ತಿರುವುದರಿಂದ ನಗರದ ಎಲ್ಲಾ ಬಡಾವಣೆಗಳಿಗೆ ನೀರು ಸರಬರಾಜಿನಲ್ಲಿ ವ್ಯತ್ಯಯ ಉಂಟಾಗಲಿದೆ. ಸಾರ್ವಜನಿಕರು ನೀರನ್ನು ಮಿತವಾಗಿ ಬಳಸಿ ಸಹಕರಿಸಬೇಕು ಎಂದು ಕಾರ್ಯಪಾಲಕ ಅಭಿಯಂತರರು ತಿಳಿಸಿದ್ದಾರೆ. ನೀರು ಸಂಗ್ರಹಿಸಿಟ್ಟುಕೊಳ್ಳುವಂತೆ ಮನವಿ ಮಾಡಲಾಗಿದೆ. ಕಾಮಗಾರಿ ಪೂರ್ಣಗೊಂಡ ನಂತರ ನೀರು ಸರಬರಾಜು ಯಥಾಸ್ಥಿತಿಗೆ ಮರಳಲಿದೆ.
ಗ್ರಾಪಂಗಳಲ್ಲಿ ವಿಕಸಿತ ಕೃಷಿ ಸಂಕಲ್ಪ ಅಭಿಯಾನ
ಚಾಮರಾಜನಗರ: ಕೃಷಿ ಇಲಾಖೆ, ರಾಷ್ಟ್ರೀಯ ಕೃಷಿ ವಿಜ್ಞಾನ ಕೇಂದ್ರ ಹಾಗೂ ಭಾರತೀಯ ಕೃಷಿ ಸಂಶೋಧನಾ ಸಂಸ್ಥೆಯ ಸಹಯೋಗದಲ್ಲಿ ಜಿಲ್ಲೆಯ ವಿವಿಧ ಗ್ರಾಮ ಪಂಚಾಯಿತಿಗಳಲ್ಲಿ ವಿಕಸಿತ ಕೃಷಿ ಸಂಕಲ್ಪ ಅಭಿಯಾನ ನಡೆಸಲಾಯಿತು. ಅಭಿಯಾನದ ಅಂಗವಾಗಿ ವಿಜ್ಞಾನಿಗಳು ರೈತರೊಂದಿಗೆ ಸಂವಾದ ನಡೆಸಿ ಆಧುನಿಕ ಕೃಷಿ ತಂತ್ರಜ್ಞಾನಗಳ ಬಗ್ಗೆ ಮಾಹಿತಿ ನೀಡಿದರು. ಮಣ್ಣು ಪರೀಕ್ಷೆ, ಸಮಗ್ರ ಪೋಷಕಾಂಶ ನಿರ್ವಹಣೆ, ಕೀಟ ಮತ್ತು ರೋಗ ನಿರ್ವಹಣೆ, ನೀರಿನ ಸದ್ಬಳಕೆ ಕುರಿತು ಅರಿವು ಮೂಡಿಸಲಾಯಿತು. ರೈತರು ತಮ್ಮ ಸಮಸ್ಯೆಗಳನ್ನು ವಿಜ್ಞಾನಿಗಳ ಗಮನಕ್ಕೆ ತಂದರು. ಕೇಂದ್ರ ಸರ್ಕಾರದ ವಿವಿಧ ಯೋಜನೆಗಳ ಮಾಹಿತಿ ನೀಡಲಾಯಿತು. ಸಿರಿಧಾನ್ಯ ಬೆಳೆಗಳ ಮಹತ್ವ ಮತ್ತು ಮಾರುಕಟ್ಟೆ ಅವಕಾಶಗಳ ಬಗ್ಗೆ ವಿವರಿಸಲಾಯಿತು.
ಕೇಂದ್ರ ವಿಜ್ಞಾನಿ ಡಾ. ಪ್ರತಿ ಅವರು ಮಾತನಾಡಿ ರೈತರು ವೈಜ್ಞಾನಿಕ ವಿಧಾನ ಅಳವಡಿಸಿಕೊಂಡು ಹೆಚ್ಚಿನ ಇಳುವರಿ ಪಡೆಯಬೇಕು. ಕೃಷಿ ವಿಜ್ಞಾನ ಕೇಂದ್ರದ ಸೌಲಭ್ಯಗಳನ್ನು ಬಳಸಿಕೊಳ್ಳಬೇಕು ಎಂದರು.
ಪ್ರಾತ್ಯಕ್ಷಿಕೆಯ ಮೂಲಕ ರೈತರಿಗೆ ಡ್ರೋನ್ ಬಳಸಿ ಕೀಟನಾಶಕ ಸಿಂಪಡಣೆ ಮಾಹಿತಿ ನೀಡಲಾಯಿತು. ಸಾವಯವ ಕೃಷಿ, ಜೈವಿಕ ಗೊಬ್ಬರ ತಯಾರಿಕೆ ಹಾಗೂ ಎರೆಹುಳು ಗೊಬ್ಬರ ತಯಾರಿಕೆ ವಿಧಾನ ವಿವರಿಸಲಾಯಿತು. ಕಾರ್ಯಕ್ರಮದಲ್ಲಿ ಗ್ರಾಮ ಪಂಚಾಯಿತಿ ಅಧ್ಯಕ್ಷರು, ಸದಸ್ಯರು, ಕೃಷಿ ಅಧಿಕಾರಿಗಳು ಹಾಗೂ ಪ್ರಗತಿಪರ ರೈತರು ಭಾಗವಹಿಸಿದ್ದರು. ಕೃಷಿ ಅಧಿಕಾರಿಗಳು ಮಾತನಾಡಿ ರೈತರು ಬೆಳೆ ವಿಮೆ ಮಾಡಿಸಿಕೊಳ್ಳಬೇಕು ಎಂದರು.
ತೋಟಗಾರಿಕೆ ಇಲಾಖೆ ವಿವಿಧ ಯೋಜನೆಗಳಿಗೆ ಅರ್ಜಿ ಆಹ್ವಾನ
ಮಂಡ್ಯ: 2025-2026 ನೇ ಸಾಲಿನಲ್ಲಿ ತೋಟಗಾರಿಕೆ ಇಲಾಖೆಯ ಮಂಡ್ಯ ತಾಲೂಕಿನಲ್ಲಿ ಅನುಷ್ಠಾನಗೊಳಿಸಲಾಗುತ್ತಿರುವ ವಿವಿಧ ಯೋಜನೆಗಳಡಿ ಸೌಲಭ್ಯ ಪಡೆಯಲು ಅರ್ಹ ರೈತರಿಂದ ಅರ್ಜಿ ಆಹ್ವಾನಿಸಲಾಗಿದೆ. ರಾಷ್ಟ್ರೀಯ ತೋಟಗಾರಿಕೆ ಮಿಷನ್, ಸೂಕ್ಷ್ಮ ನೀರಾವರಿ ಯೋಜನೆ, ಪ್ರಧಾನ ಮಂತ್ರಿ ಕೃಷಿ ಸಿಂಚಾಯಿ ಯೋಜನೆ, ರಾಜ್ಯ ವಲಯ ಯೋಜನೆಗಳಡಿ ಹೊಸ ತೋಟ ನಿರ್ಮಾಣ, ಹನಿ ನೀರಾವರಿ, ಪ್ಯಾಕ್ ಹೌಸ್, ಈರುಳ್ಳಿ ಶೇಖರಣಾ ಘಟಕ, ಪಾಲಿಹೌಸ್, ನೆರಳು ಪರದೆ ಮನೆ ನಿರ್ಮಾಣಕ್ಕೆ ಸಹಾಯಧನ ನೀಡಲಾಗುವುದು. ರೈತರು ಅಗತ್ಯ ದಾಖಲೆಗಳೊಂದಿಗೆ ತಮ್ಮ ವ್ಯಾಪ್ತಿಯ ಹೋಬಳಿ ಮಟ್ಟದ ತೋಟಗಾರಿಕೆ ಅಧಿಕಾರಿಗಳ ಕಚೇರಿಗೆ ಅರ್ಜಿ ಸಲ್ಲಿಸಬೇಕು. ಪರಿಶಿಷ್ಟ ಜಾತಿ ಮತ್ತು ಪರಿಶಿಷ್ಟ ಪಂಗಡದ ರೈತರಿಗೆ ವಿಶೇಷ ಆದ್ಯತೆ ನೀಡಲಾಗುವುದು. ಹೆಚ್ಚಿನ ಮಾಹಿತಿಗೆ ಸಂಬಂಧಿಸಿದ ಹೋಬಳಿ ಅಧಿಕಾರಿಗಳನ್ನು ಸಂಪರ್ಕಿಸಬಹುದು.
ತೋಟಗಾರಿಕೆ ಇಲಾಖೆ ಸಹಾಯಕ ನಿರ್ದೇಶಕರು (ಜಿ.ಪಂ), ಮಂಡ್ಯ ತಾಲ್ಲೂಕು ಕಚೇರಿ ಸಂಪರ್ಕಿಸಬಹುದು. ಕಸಬಾ ಹೋಬಳಿ -9591307753, ಕೆರಗೋಡು ಹೋಬಳಿ -9591307753, ಕೊತ್ತತ್ತಿ ಹೋಬಳಿ -9611730343, ದುದ್ದ ಹೋಬಳಿ -9740152186, ಬಸರಾಳು ಹೋಬಳಿ -9845193234, ಹಲ್ಲೇಗೆರೆ ಹೋಬಳಿ -08232 297098 ಅನ್ನು ಸಂಪರ್ಕಿಸಬಹುದು ಎಂದು ತೋಟಗಾರಿಕೆ ಇಲಾಖೆಯ ಹಿರಿಯ ಸಹಾಯಕ ನಿರ್ದೇಶಕರು ತಿಳಿಸಿದ್ದಾರೆ.
